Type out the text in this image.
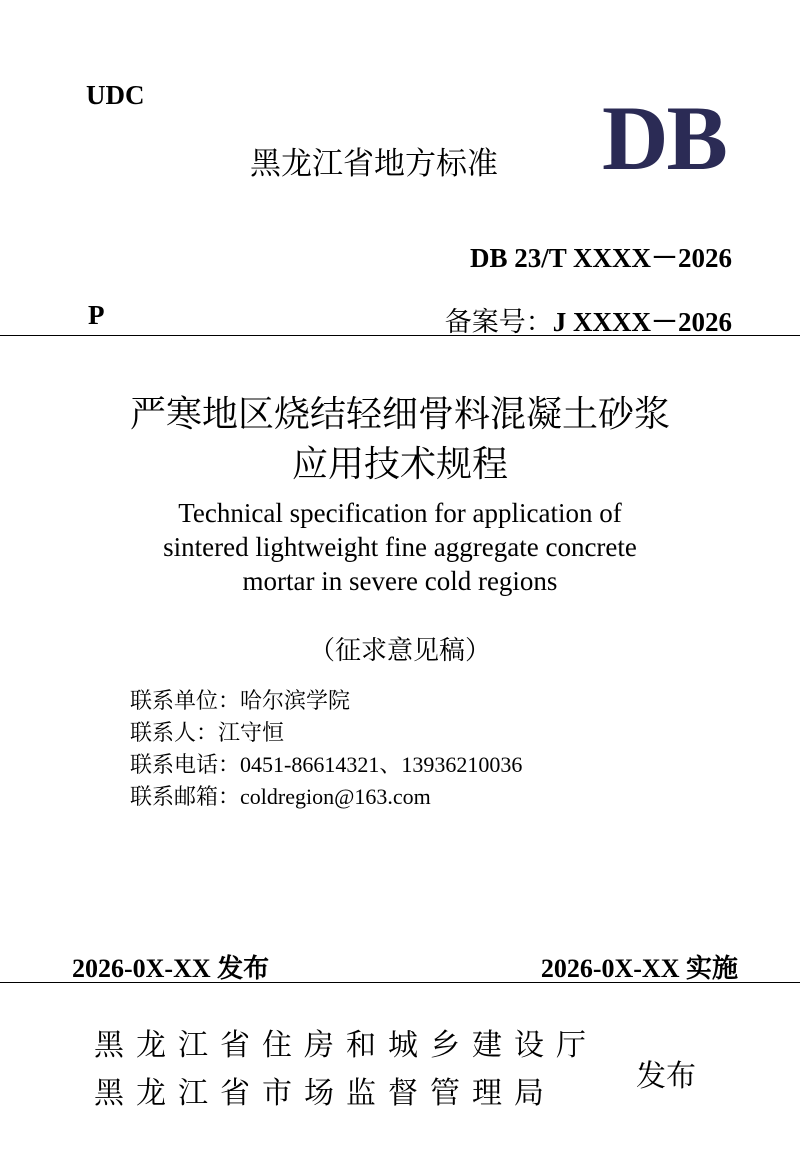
UDC
黑龙江省地方标准 DB
DB 23/T XXXX－2026
P	备案号：J XXXX－2026
严寒地区烧结轻细骨料混凝土砂浆
应用技术规程
Technical specification for application of
sintered lightweight fine aggregate concrete
mortar in severe cold regions
（征求意见稿）
联系单位：哈尔滨学院
联系人：江守恒
联系电话：0451-86614321、13936210036
联系邮箱：coldregion@163.com
2026-0X-XX 发布	2026-0X-XX 实施
黑龙江省住房和城乡建设厅
黑龙江省市场监督管理局	发布
